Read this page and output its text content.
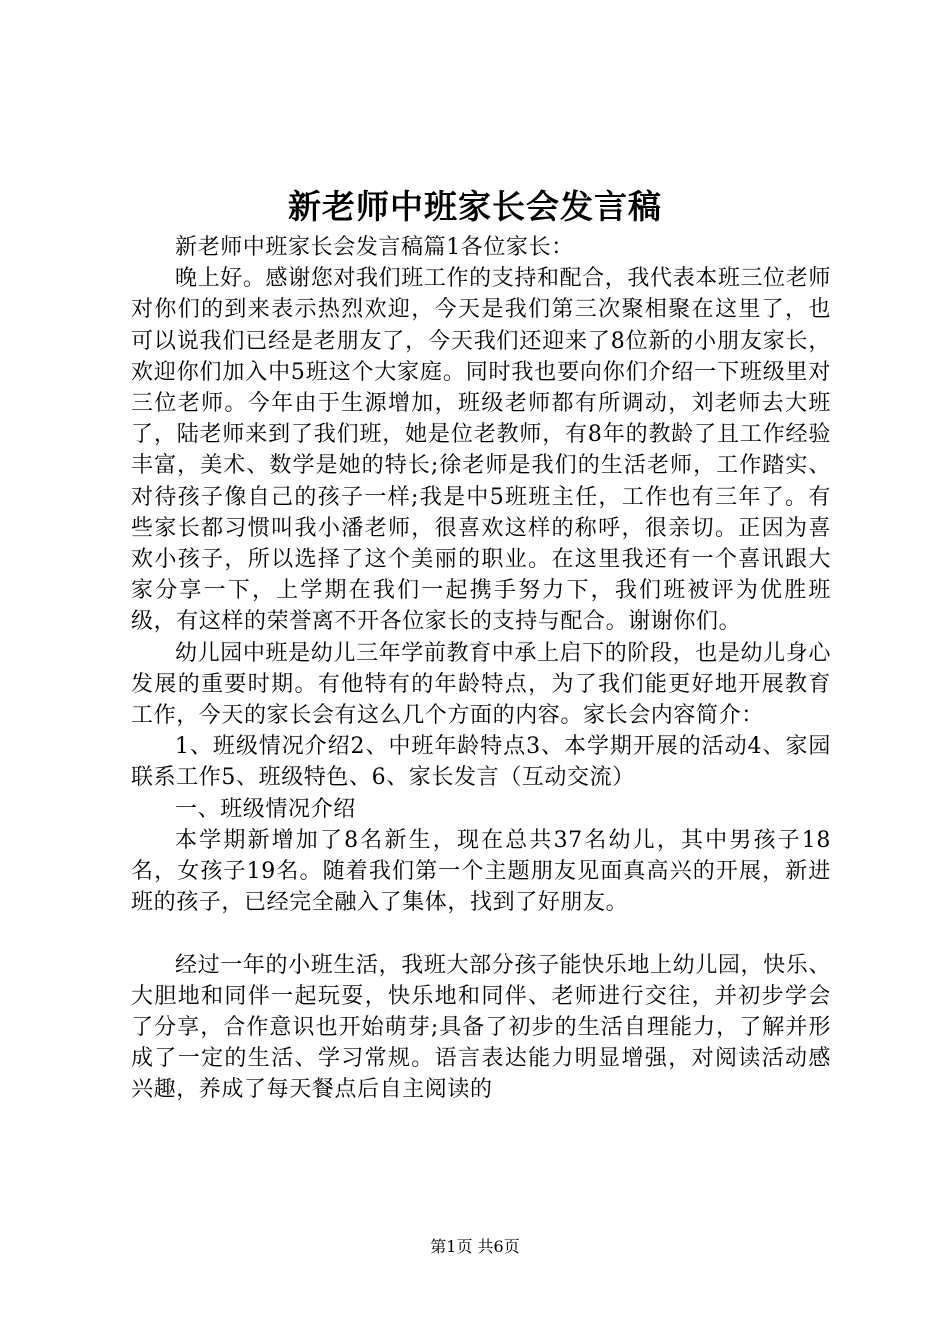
新老师中班家长会发言稿

新老师中班家长会发言稿篇1各位家长：

晚上好。感谢您对我们班工作的支持和配合，我代表本班三位老师对你们的到来表示热烈欢迎，今天是我们第三次聚相聚在这里了，也可以说我们已经是老朋友了，今天我们还迎来了8位新的小朋友家长，欢迎你们加入中5班这个大家庭。同时我也要向你们介绍一下班级里对三位老师。今年由于生源增加，班级老师都有所调动，刘老师去大班了，陆老师来到了我们班，她是位老教师，有8年的教龄了且工作经验丰富，美术、数学是她的特长;徐老师是我们的生活老师，工作踏实、对待孩子像自己的孩子一样;我是中5班班主任，工作也有三年了。有些家长都习惯叫我小潘老师，很喜欢这样的称呼，很亲切。正因为喜欢小孩子，所以选择了这个美丽的职业。在这里我还有一个喜讯跟大家分享一下，上学期在我们一起携手努力下，我们班被评为优胜班级，有这样的荣誉离不开各位家长的支持与配合。谢谢你们。

幼儿园中班是幼儿三年学前教育中承上启下的阶段，也是幼儿身心发展的重要时期。有他特有的年龄特点，为了我们能更好地开展教育工作，今天的家长会有这么几个方面的内容。家长会内容简介：

1、班级情况介绍2、中班年龄特点3、本学期开展的活动4、家园联系工作5、班级特色、6、家长发言（互动交流）

一、班级情况介绍

本学期新增加了8名新生，现在总共37名幼儿，其中男孩子18名，女孩子19名。随着我们第一个主题朋友见面真高兴的开展，新进班的孩子，已经完全融入了集体，找到了好朋友。

经过一年的小班生活，我班大部分孩子能快乐地上幼儿园，快乐、大胆地和同伴一起玩耍，快乐地和同伴、老师进行交往，并初步学会了分享，合作意识也开始萌芽;具备了初步的生活自理能力，了解并形成了一定的生活、学习常规。语言表达能力明显增强，对阅读活动感兴趣，养成了每天餐点后自主阅读的

第1页 共6页
